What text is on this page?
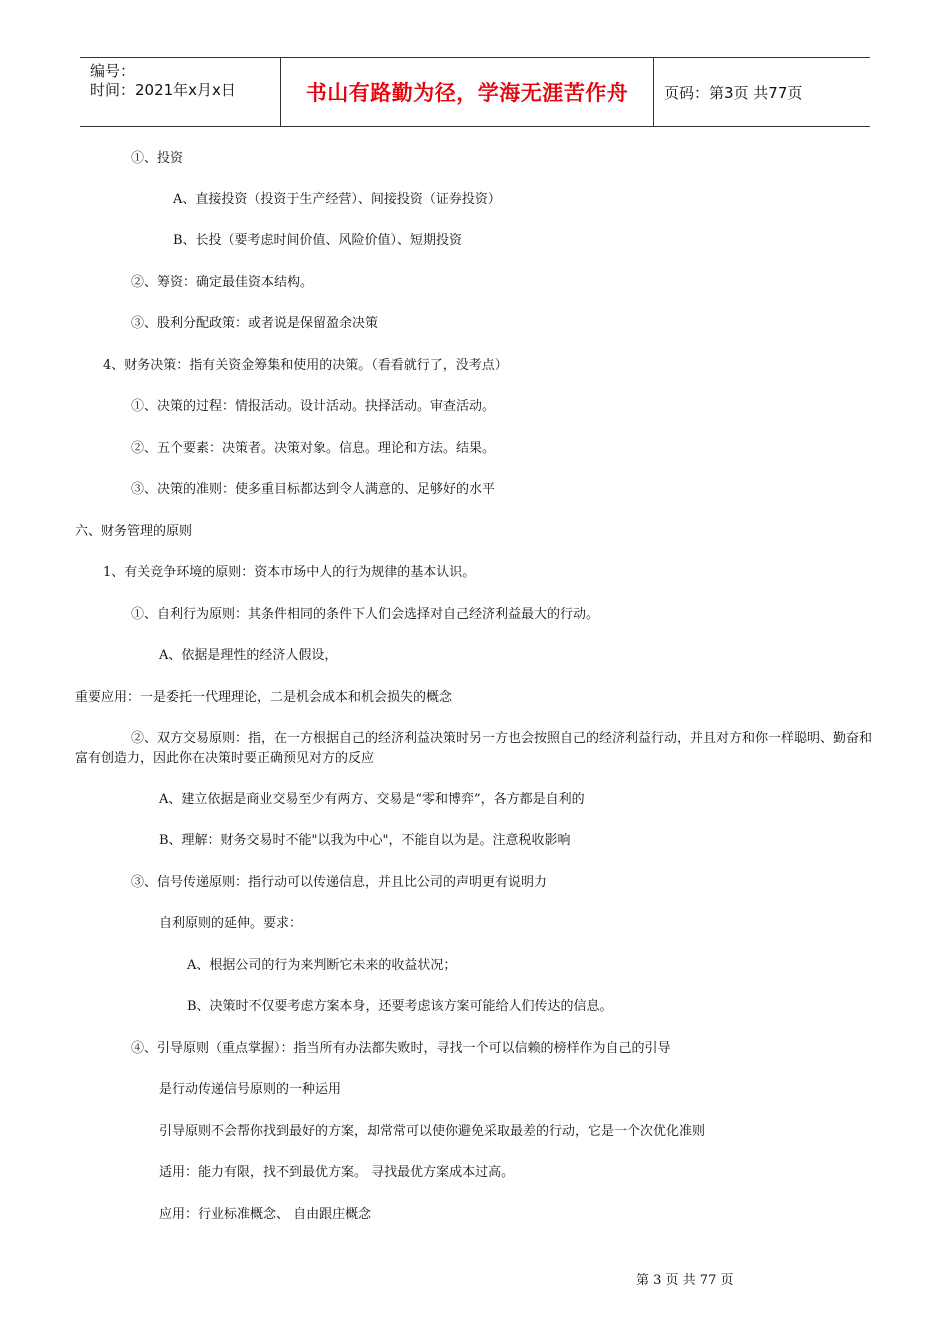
编号：
时间：2021年x月x日	书山有路勤为径，学海无涯苦作舟	页码：第3页 共77页
①、投资
A、直接投资（投资于生产经营）、间接投资（证券投资）
B、长投（要考虑时间价值、风险价值）、短期投资
②、筹资：确定最佳资本结构。
③、股利分配政策：或者说是保留盈余决策
4、财务决策：指有关资金筹集和使用的决策。（看看就行了，没考点）
①、决策的过程：情报活动。设计活动。抉择活动。审查活动。
②、五个要素：决策者。决策对象。信息。理论和方法。结果。
③、决策的准则：使多重目标都达到令人满意的、足够好的水平
六、财务管理的原则
1、有关竞争环境的原则：资本市场中人的行为规律的基本认识。
①、自利行为原则：其条件相同的条件下人们会选择对自己经济利益最大的行动。
A、依据是理性的经济人假设，
重要应用：一是委托一代理理论，二是机会成本和机会损失的概念
②、双方交易原则：指，在一方根据自己的经济利益决策时另一方也会按照自己的经济利益行动，并且对方和你一样聪明、勤奋和富有创造力，因此你在决策时要正确预见对方的反应
A、建立依据是商业交易至少有两方、交易是“零和博弈”，各方都是自利的
B、理解：财务交易时不能"以我为中心"，不能自以为是。注意税收影响
③、信号传递原则：指行动可以传递信息，并且比公司的声明更有说明力
自利原则的延伸。要求：
A、根据公司的行为来判断它未来的收益状况；
B、决策时不仅要考虑方案本身，还要考虑该方案可能给人们传达的信息。
④、引导原则（重点掌握）：指当所有办法都失败时，寻找一个可以信赖的榜样作为自己的引导
是行动传递信号原则的一种运用
引导原则不会帮你找到最好的方案，却常常可以使你避免采取最差的行动，它是一个次优化准则
适用：能力有限，找不到最优方案。 寻找最优方案成本过高。
应用：行业标准概念、 自由跟庄概念
第 3 页 共 77 页
